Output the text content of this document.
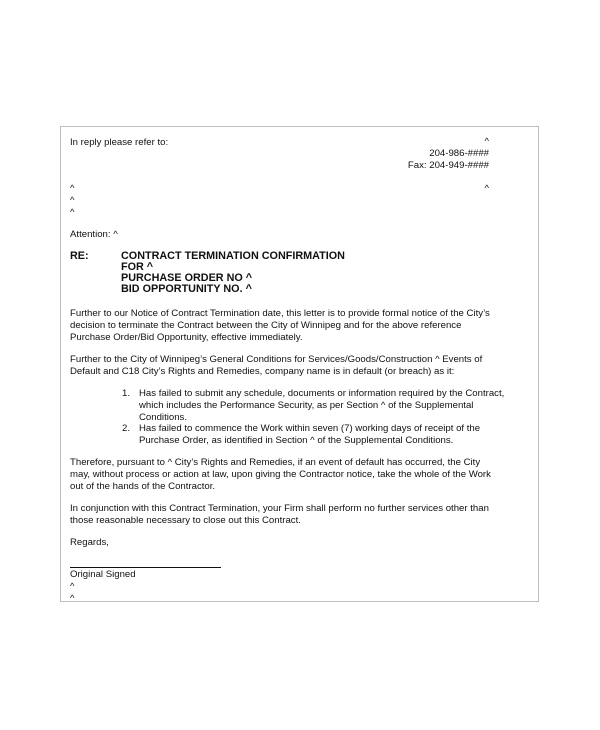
In reply please refer to:	^
204-986-####
Fax: 204-949-####
^
^
^
^
Attention: ^
RE:	CONTRACT TERMINATION CONFIRMATION
FOR ^
PURCHASE ORDER NO ^
BID OPPORTUNITY NO. ^
Further to our Notice of Contract Termination date, this letter is to provide formal notice of the City’s
decision to terminate the Contract between the City of Winnipeg and for the above reference
Purchase Order/Bid Opportunity, effective immediately.
Further to the City of Winnipeg’s General Conditions for Services/Goods/Construction ^ Events of
Default and C18 City’s Rights and Remedies, company name is in default (or breach) as it:
1. Has failed to submit any schedule, documents or information required by the Contract,
which includes the Performance Security, as per Section ^ of the Supplemental
Conditions.
2. Has failed to commence the Work within seven (7) working days of receipt of the
Purchase Order, as identified in Section ^ of the Supplemental Conditions.
Therefore, pursuant to ^ City’s Rights and Remedies, if an event of default has occurred, the City
may, without process or action at law, upon giving the Contractor notice, take the whole of the Work
out of the hands of the Contractor.
In conjunction with this Contract Termination, your Firm shall perform no further services other than
those reasonable necessary to close out this Contract.
Regards,
Original Signed
^
^
